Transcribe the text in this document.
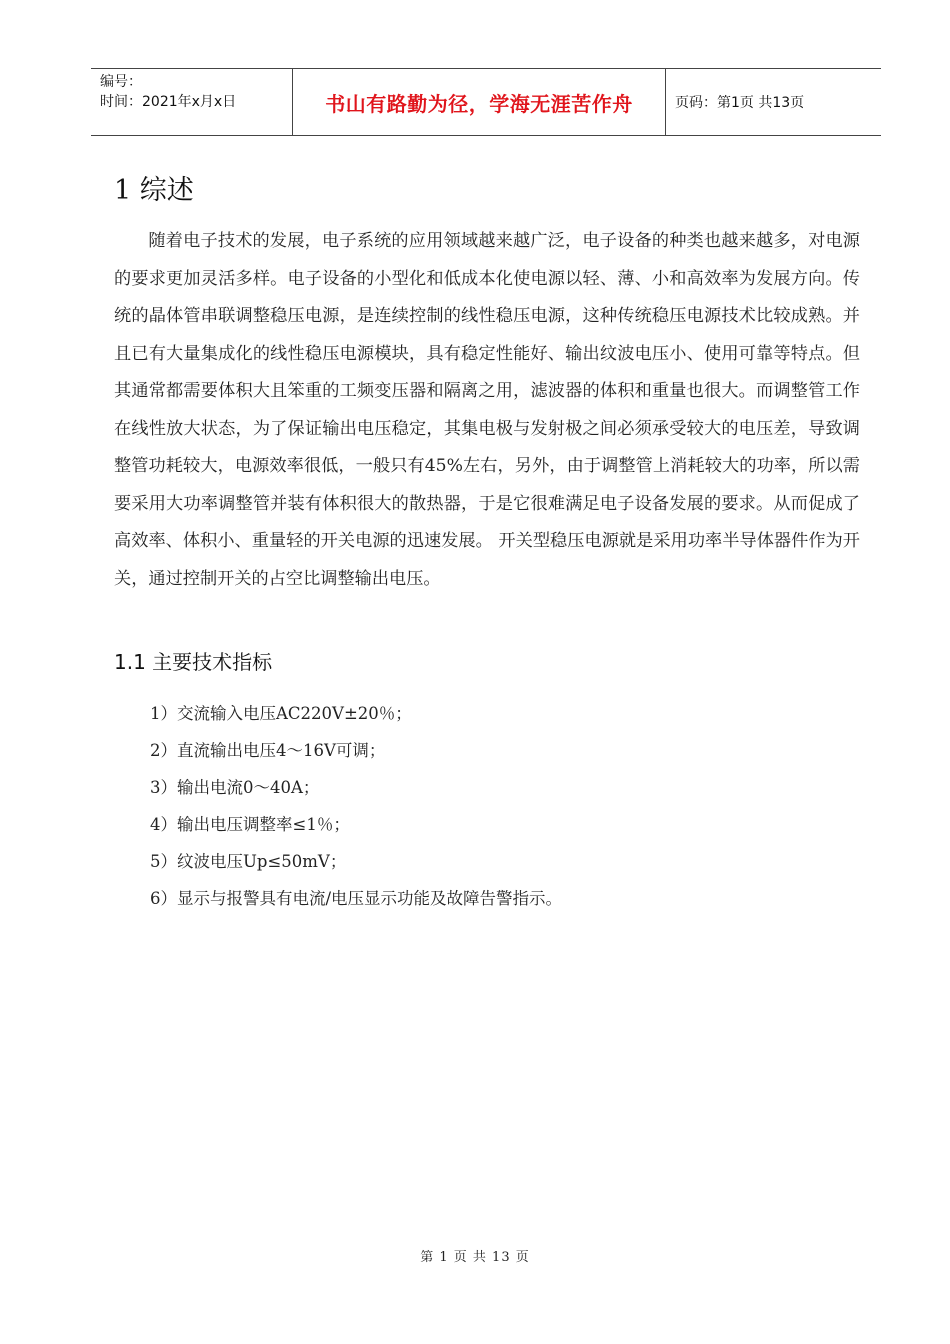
编号：
时间：2021年x月x日	书山有路勤为径，学海无涯苦作舟	页码：第1页 共13页
1 综述

随着电子技术的发展，电子系统的应用领域越来越广泛，电子设备的种类也越来越多，对电源的要求更加灵活多样。电子设备的小型化和低成本化使电源以轻、薄、小和高效率为发展方向。传统的晶体管串联调整稳压电源，是连续控制的线性稳压电源，这种传统稳压电源技术比较成熟。并且已有大量集成化的线性稳压电源模块，具有稳定性能好、输出纹波电压小、使用可靠等特点。但其通常都需要体积大且笨重的工频变压器和隔离之用，滤波器的体积和重量也很大。而调整管工作在线性放大状态，为了保证输出电压稳定，其集电极与发射极之间必须承受较大的电压差，导致调整管功耗较大，电源效率很低，一般只有45%左右，另外，由于调整管上消耗较大的功率，所以需要采用大功率调整管并装有体积很大的散热器，于是它很难满足电子设备发展的要求。从而促成了高效率、体积小、重量轻的开关电源的迅速发展。 开关型稳压电源就是采用功率半导体器件作为开关，通过控制开关的占空比调整输出电压。

1.1 主要技术指标
1）交流输入电压AC220V±20％；
2）直流输出电压4～16V可调；
3）输出电流0～40A；
4）输出电压调整率≤1％；
5）纹波电压Up≤50mV；
6）显示与报警具有电流/电压显示功能及故障告警指示。
第 1 页 共 13 页
